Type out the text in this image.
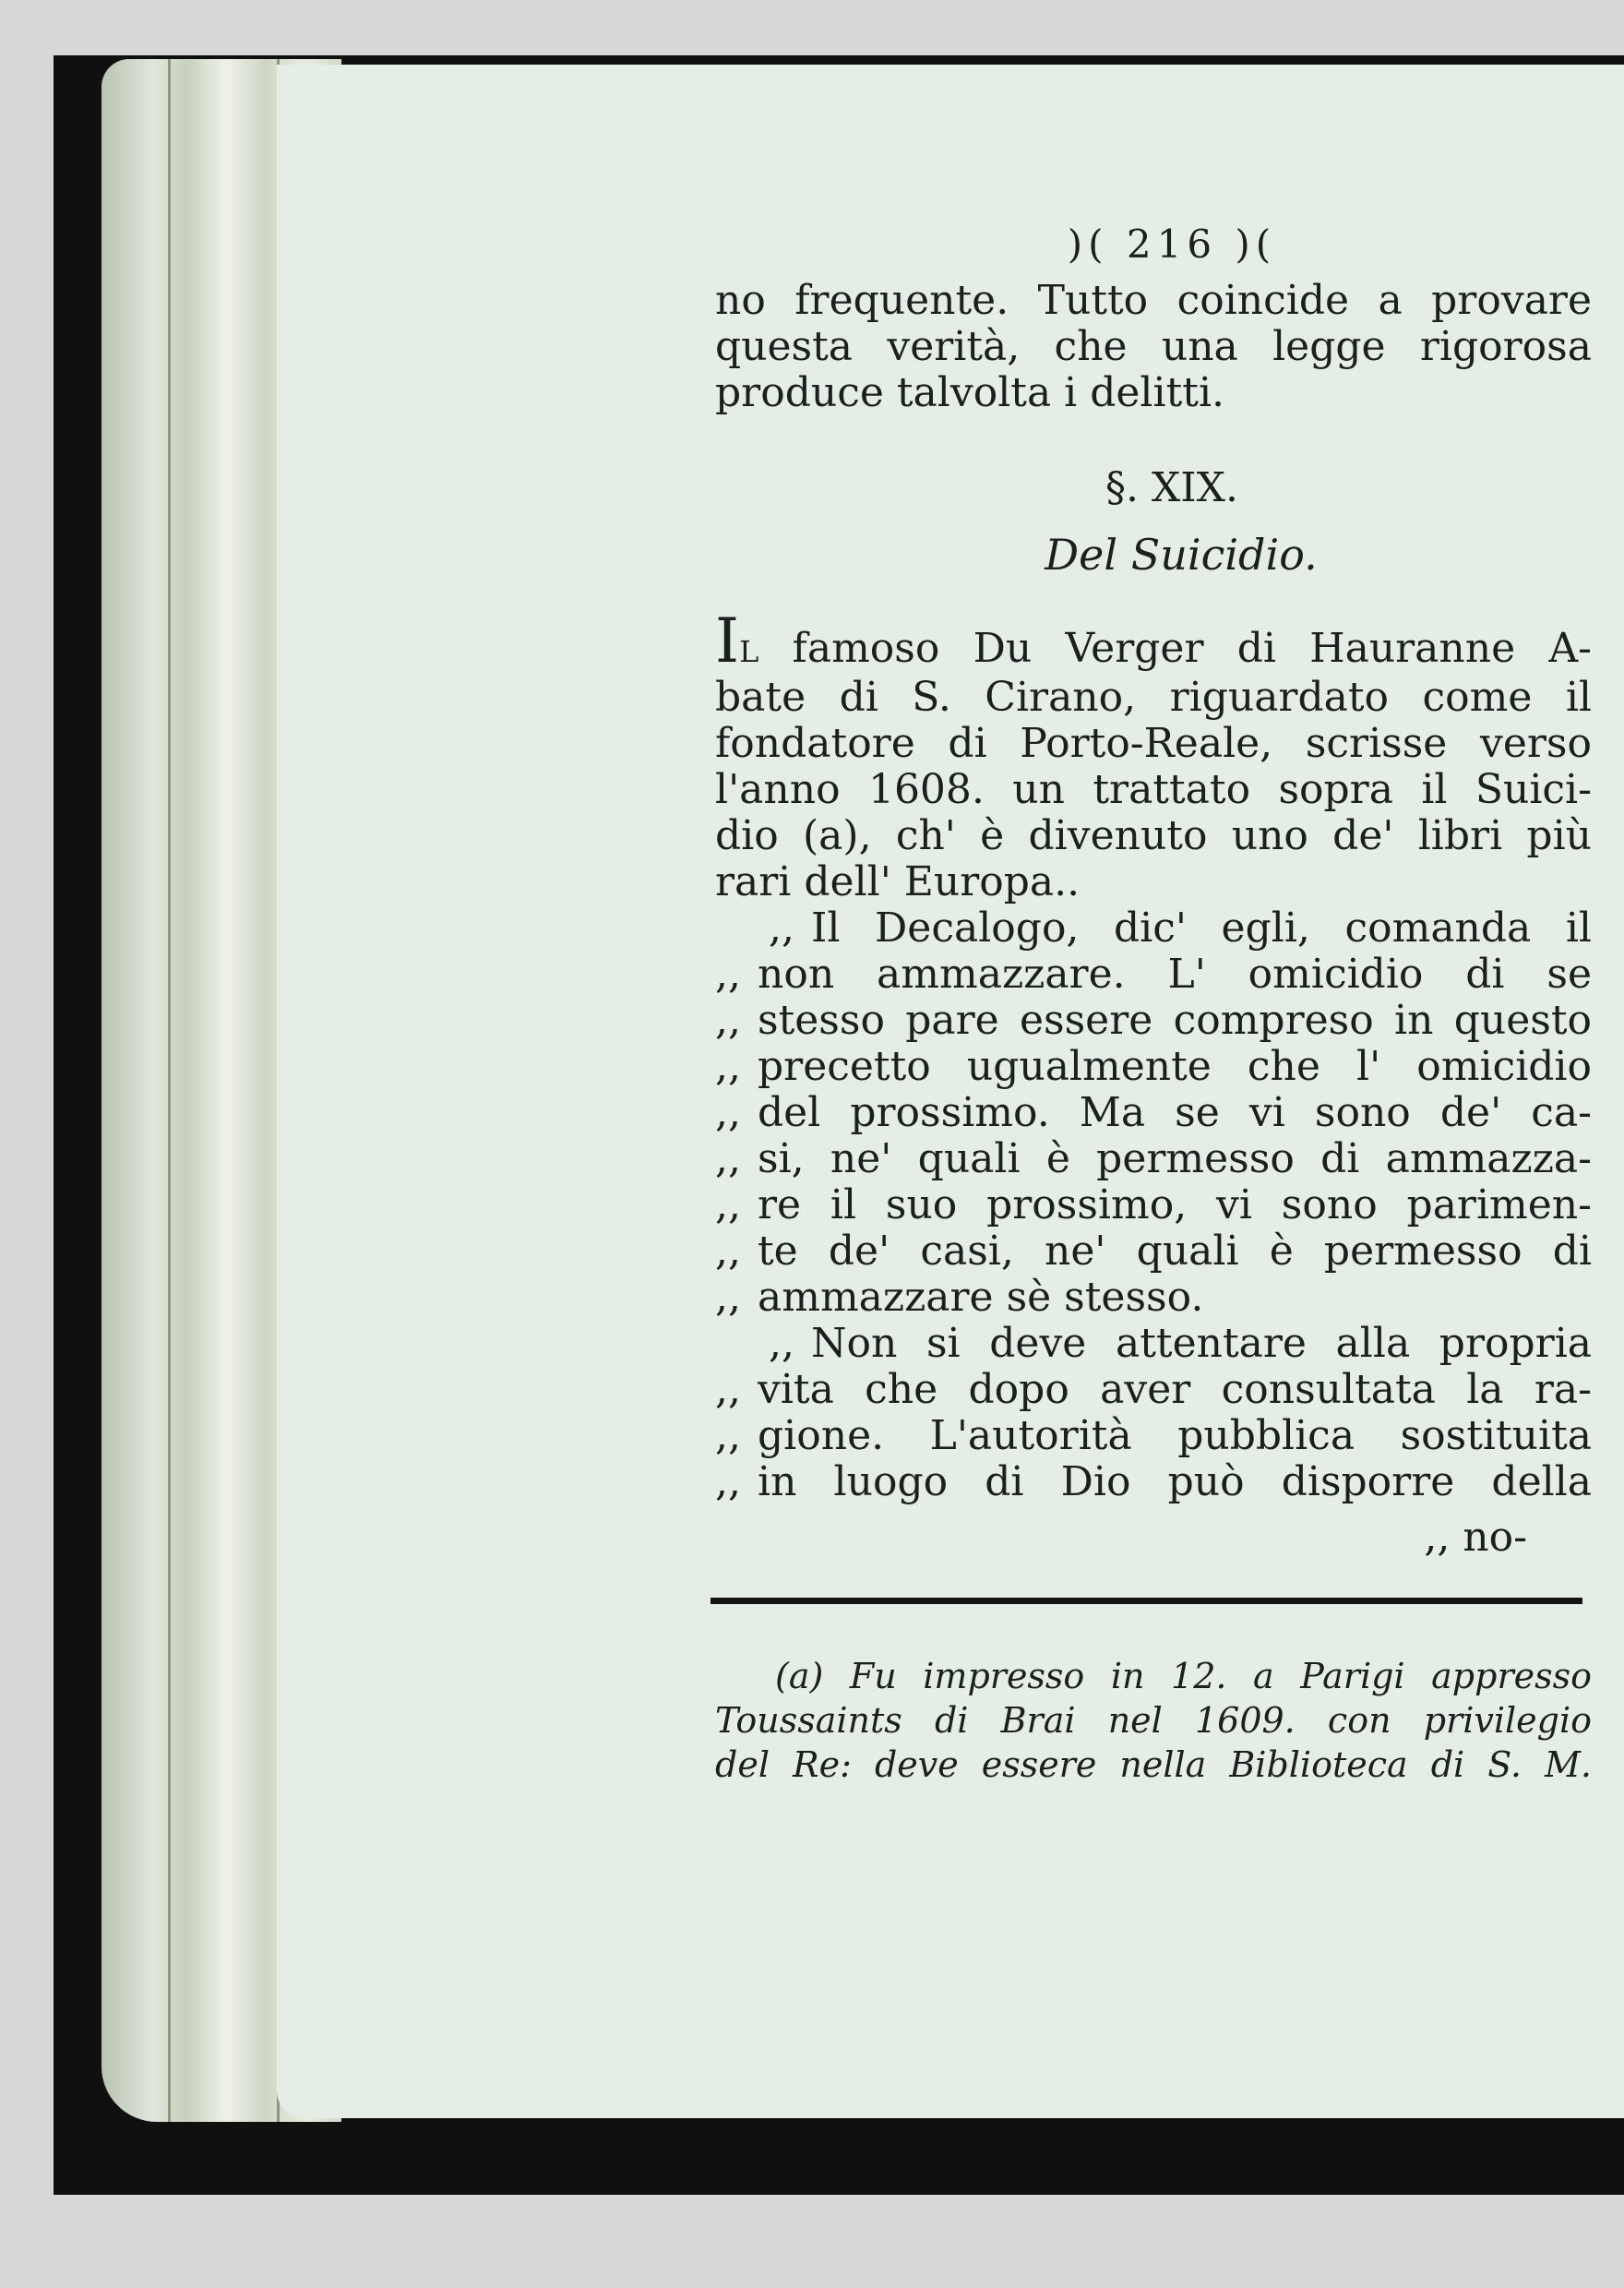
)( 216 )(
no frequente. Tutto coincide a provare
questa verità, che una legge rigorosa
produce talvolta i delitti.
§. XIX.
Del Suicidio.
IL famoso Du Verger di Hauranne A-
bate di S. Cirano, riguardato come il
fondatore di Porto-Reale, scrisse verso
l'anno 1608. un trattato sopra il Suici-
dio (a), ch' è divenuto uno de' libri più
rari dell' Europa..
,, Il Decalogo, dic' egli, comanda il
,, non ammazzare. L' omicidio di se
,, stesso pare essere compreso in questo
,, precetto ugualmente che l' omicidio
,, del prossimo. Ma se vi sono de' ca-
,, si, ne' quali è permesso di ammazza-
,, re il suo prossimo, vi sono parimen-
,, te de' casi, ne' quali è permesso di
,, ammazzare sè stesso.
,, Non si deve attentare alla propria
,, vita che dopo aver consultata la ra-
,, gione. L'autorità pubblica sostituita
,, in luogo di Dio può disporre della
,, no-
(a) Fu impresso in 12. a Parigi appresso
Toussaints di Brai nel 1609. con privilegio
del Re: deve essere nella Biblioteca di S. M.
